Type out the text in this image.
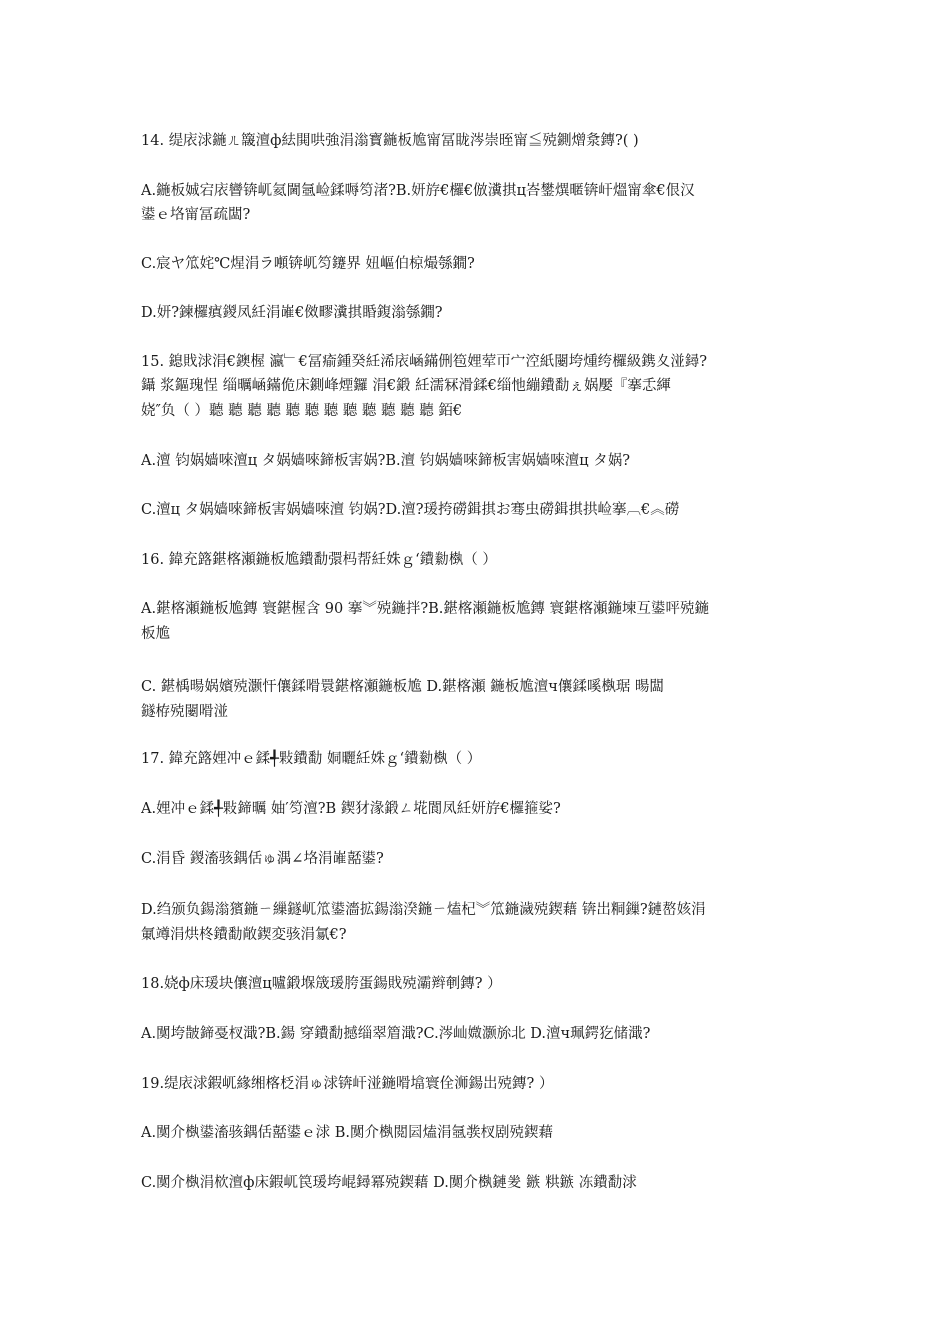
14. 缇庡浗鍦ㄦ簚澶ф紶閧哄強涓滃寳鍦板尯甯冨眬涔崇晊甯≦殑鍘熷洜鏄?( )
A.鍦板娍宕庡矕锛屼氦閫氬崄鍒嗕笉渚?B.妍斿€欏€倣瀵掑ц峇鐢熼暱锛屽熅甯傘€佷汉
鍙ｅ垎甯冨疏闆?
C.宸ヤ笟姹℃煋涓ラ噸锛屼笉鑳界 妞嶇伯椋熶綔鐗?
D.妍?鍊欏瘨鍐凤紝涓嶉€傚疁瀵掑睧鍑滃綔鐗?
15. 鎴戝浗涓€鐭楃 瀛﹂€冨瘉鍾癸紝浠庡崡鏋侀笣娌荤帀宀涳紙闄垮煄绔欏級鎸夊湴鐞?
鑷 浆鏂瑰悜 缁曞崡鏋佹床鍘峰煙鑼 涓€鍛 紝濡冧滑鍒€缁忚繃鐨勫ぇ娲嬮『搴忎緷
娆″负（ ）聽 聽 聽 聽 聽 聽 聽 聽 聽 聽 聽 聽 銆€
A.澶 钧娲嫱唻澶ц タ娲嫱唻鍗板害娲?B.澶 钧娲嫱唻鍗板害娲嫱唻澶ц タ娲?
C.澶ц タ娲嫱唻鍗板害娲嫱唻澶 钧娲?D.澶?瑗挎磱鍓掑お骞虫磱鍓掑拱崄搴︹€︽磱
16. 鍏充簬鍖楁瀬鍦板尯鐨勫彋杩帮紝姝ｇ‘鐨勬槸（ ）
A.鍖楁瀬鍦板尯鏄 寰鍖楃含 90 搴︾殑鍦拌?B.鍖楁瀬鍦板尯鏄 寰鍖楁瀬鍦堜互鍙呯殑鍦
板尯
C. 鍖楀暘娲嬪殑灏忓儴鍒嗗睘鍖楁瀬鍦板尯 D.鍖楁瀬 鍦板尯澶ч儴鍒嗘槸琚 暘闆
鐩栫殑闄嗗湴
17. 鍏充簬娌冲ｅ鍒╃敤鐨勫 姛曬紝姝ｇ‘鐨勬槸（ ）
A.娌冲ｅ鍒╃敤鍗曞 妯′笉澶?B 鍥犲湪鍛ㄥ埖閬凤紝妍斿€欏箍娑?
C.涓昏 鍐滀骇鍝佸ゅ湡∠垎涓嶉嚭鍙?
D.绉颁负鍚滃獱鍦ㄧ繅鐩屼笟鍙濇拡鍚滃湀鍦ㄧ熆杞︾笟鍦濊殑鍥藉 锛岀粡鏁?鏈嶅姟涓
氭竴涓烘柊鐨勫敞鍥変骇涓氱€?
18.娆ф床瑗块儴澶ц嚧鍛堢筬瑗胯蛋鍚戝殑灞辫剦鏄? ）
A.闃垮皵鍗戞杈濈?B.鍚 穿鐨勫撼缁翠篃濈?C.涔屾媺灏旀北 D.澶ч珮鍔犵储濈?
19.缇庡浗鍜屼緣缃楁柉涓ゅ浗锛屽湴鍦嗗墖寰佺浉鍚岀殑鏄? ）
A.闃介槸鍙滀骇鍝佸嚭鍙ｅ浗 B.闃介槸閲囩熆涓氬彂杈剧殑鍥藉
C.闃介槸涓栨澶ф床鍜屼笢瑗垮崐鐞冪殑鍥藉 D.闃介槸鏈夎 鏃 粠鏃 冻鐨勫浗
